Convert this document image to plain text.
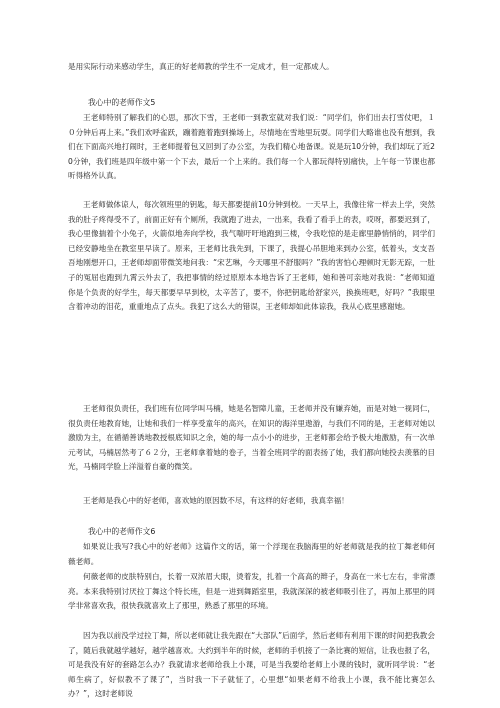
是用实际行动来感动学生，真正的好老师教的学生不一定成才，但一定都成人。

我心中的老师作文5

王老师特别了解我们的心思，那次下雪，王老师一到教室就对我们说：“同学们，你们出去打雪仗吧，１０分钟后再上来。”我们欢呼雀跃，蹦着跑着跑到操场上，尽情地在雪地里玩耍。同学们大略谁也没有想到，我们在下面高兴地打闹时，王老师提着包又回到了办公室，为我们精心地备课。说是玩10分钟，我们却玩了近20分钟，我们班是四年级中第一个下去，最后一个上来的。我们每一个人都玩得特别痛快，上午每一节课也都听得格外认真。

王老师做体谅人，每次领班里的钥匙，每天都要提前10分钟到校。一天早上，我像往常一样去上学，突然我的肚子疼得受不了，前面正好有个厕所，我就跑了进去，一出来，我看了看手上的表，哎呀，都要迟到了，我心里像揣着个小兔子，火箭似地奔向学校，我气喘吁吁地跑到三楼，令我吃惊的是走廊里静悄悄的，同学们已经安静地坐在教室里早读了。原来，王老师比我先到，下课了，我提心吊胆地来到办公室，低着头，支支吾吾地刚想开口，王老师却面带微笑地问我：“宋艺琳，今天哪里不舒服吗？”我的害怕心理顿时无影无踪，一肚子的冤屈也跑到九霄云外去了，我把事情的经过原原本本地告诉了王老师，她和善可亲地对我说：“老师知道你是个负责的好学生，每天都要早早到校，太辛苦了，要不，你把钥匙给舒家兴，换换班吧，好吗？”我眼里含着冲动的泪花，重重地点了点头。我犯了这么大的错误，王老师却如此体谅我，我从心底里感谢她。

王老师很负责任，我们班有位同学叫马楠，她是名智障儿童，王老师并没有嫌弃她，而是对她一视同仁，很负责任地教育她，让她和我们一样享受童年的高兴，在知识的海洋里遨游，与我们不同的是，王老师对她以激励为主，在循循善诱地教授根底知识之余，她的每一点小小的进步，王老师都会给予极大地激励，有一次单元考试，马楠居然考了６２分，王老师拿着她的卷子，当着全班同学的面表扬了她，我们都向她投去羡慕的目光，马楠同学脸上洋溢着自豪的微笑。

王老师是我心中的好老师，喜欢她的原因数不尽，有这样的好老师，我真幸福！

我心中的老师作文6

如果说让我写?我心中的好老师》这篇作文的话，第一个浮现在我脑海里的好老师就是我的拉丁舞老师何薇老师。

何薇老师的皮肤特别白，长着一双浓眉大眼，烫着发，扎着一个高高的辫子，身高在一米七左右，非常漂亮。本来我特别讨厌拉丁舞这个特长班，但是一进到舞蹈室里，我就深深的被老师吸引住了，再加上那里的同学非常喜欢我，很快我就喜欢上了那里，熟悉了那里的环境。

因为我以前没学过拉丁舞，所以老师就让我先跟在“大部队”后面学，然后老师有利用下课的时间把我教会了，随后我就越学越好，越学越喜欢。大约到半年的时候，老师的手机接了一条比赛的短信，让我也报了名，可是我没有好的套路怎么办？我就请求老师给我上小课，可是当我要给老师上小课的钱时，就听同学说：“老师生病了，好似教不了课了”，当时我一下子就怔了，心里想“如果老师不给我上小课，我不能比赛怎么办？”，这时老师说
